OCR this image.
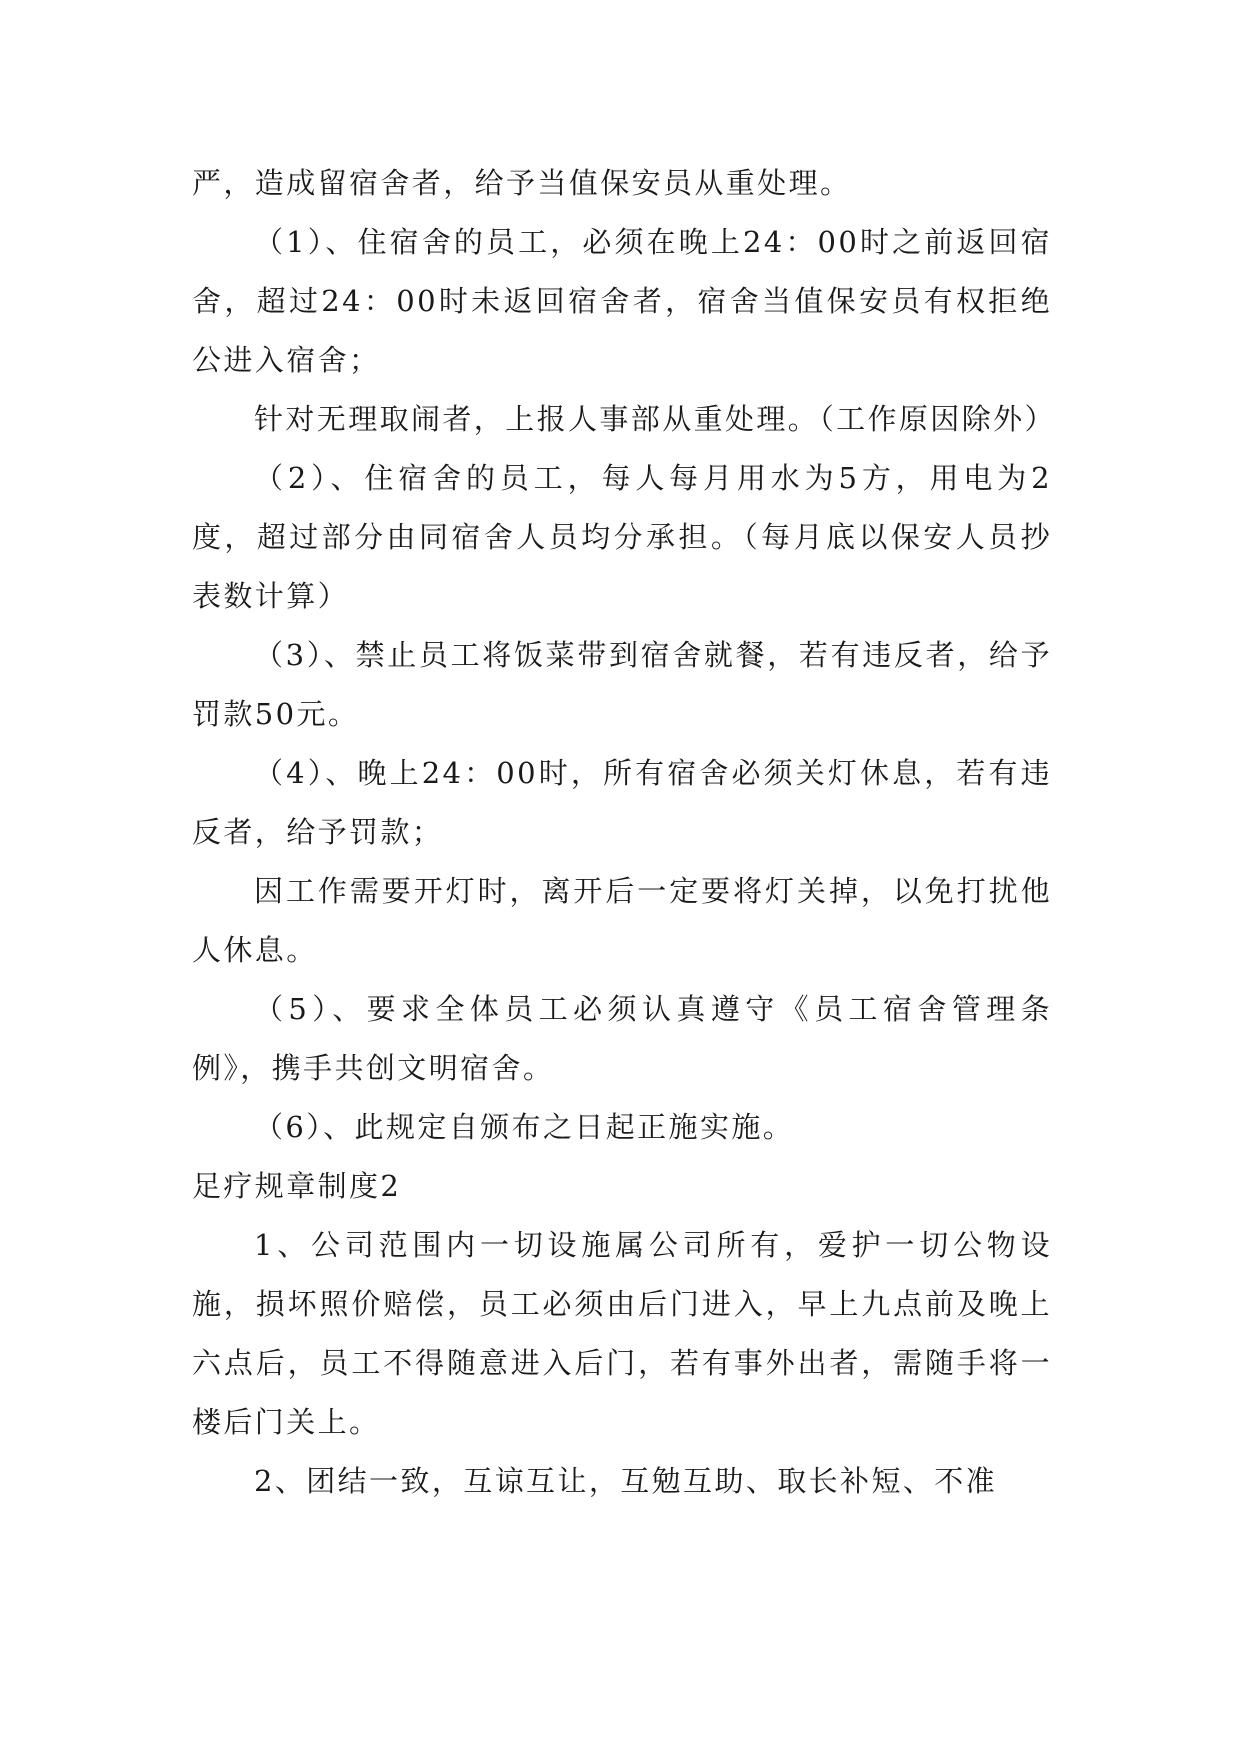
严，造成留宿舍者，给予当值保安员从重处理。

（1）、住宿舍的员工，必须在晚上24：00时之前返回宿舍，超过24：00时未返回宿舍者，宿舍当值保安员有权拒绝公进入宿舍；

针对无理取闹者，上报人事部从重处理。（工作原因除外）

（2）、住宿舍的员工，每人每月用水为5方，用电为2度，超过部分由同宿舍人员均分承担。（每月底以保安人员抄表数计算）

（3）、禁止员工将饭菜带到宿舍就餐，若有违反者，给予罚款50元。

（4）、晚上24：00时，所有宿舍必须关灯休息，若有违反者，给予罚款；

因工作需要开灯时，离开后一定要将灯关掉，以免打扰他人休息。

（5）、要求全体员工必须认真遵守《员工宿舍管理条例》，携手共创文明宿舍。

（6）、此规定自颁布之日起正施实施。

足疗规章制度2

1、公司范围内一切设施属公司所有，爱护一切公物设施，损坏照价赔偿，员工必须由后门进入，早上九点前及晚上六点后，员工不得随意进入后门，若有事外出者，需随手将一楼后门关上。

2、团结一致，互谅互让，互勉互助、取长补短、不准
